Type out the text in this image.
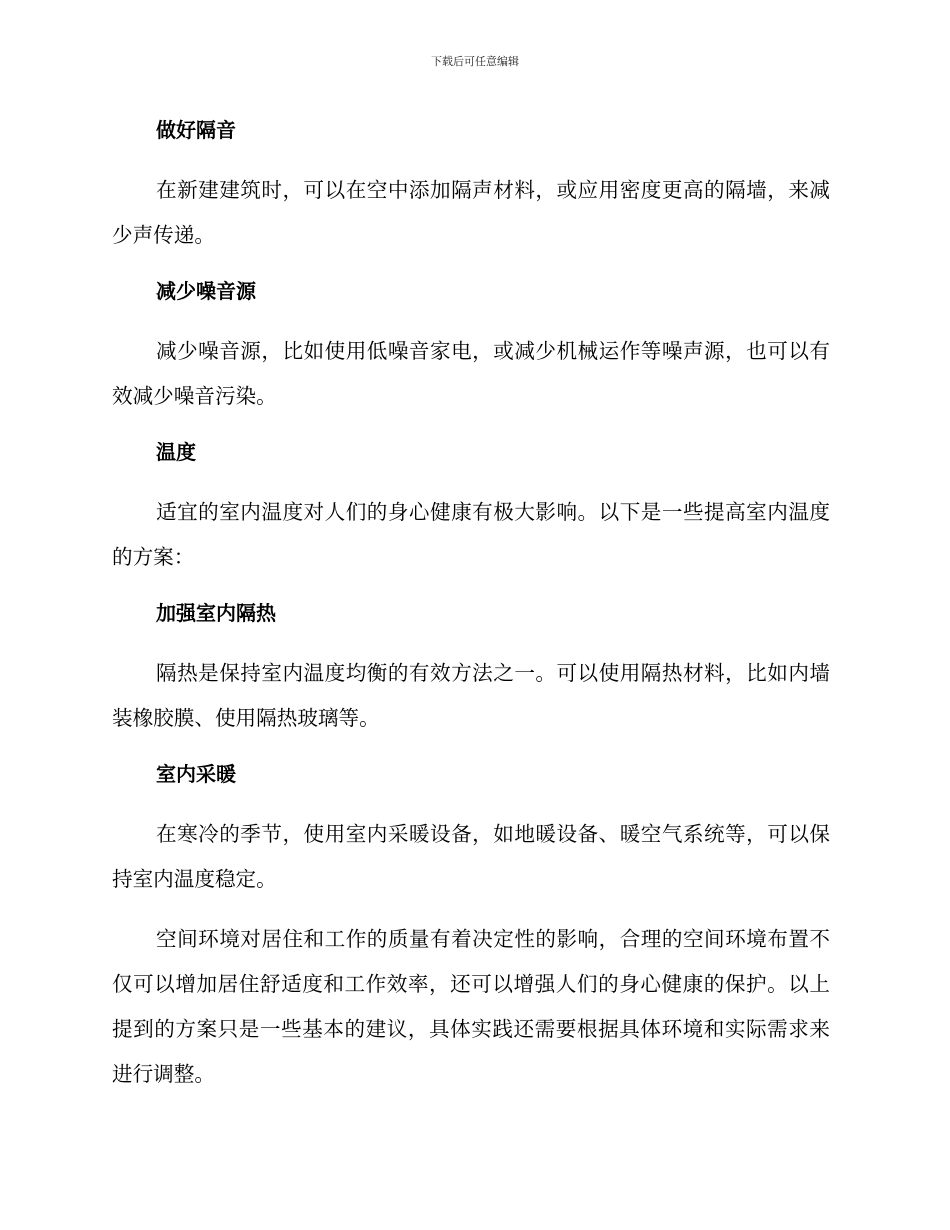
下载后可任意编辑
做好隔音

在新建建筑时，可以在空中添加隔声材料，或应用密度更高的隔墙，来减少声传递。

减少噪音源

减少噪音源，比如使用低噪音家电，或减少机械运作等噪声源，也可以有效减少噪音污染。

温度

适宜的室内温度对人们的身心健康有极大影响。以下是一些提高室内温度的方案：

加强室内隔热

隔热是保持室内温度均衡的有效方法之一。可以使用隔热材料，比如内墙装橡胶膜、使用隔热玻璃等。

室内采暖

在寒冷的季节，使用室内采暖设备，如地暖设备、暖空气系统等，可以保持室内温度稳定。

空间环境对居住和工作的质量有着决定性的影响，合理的空间环境布置不仅可以增加居住舒适度和工作效率，还可以增强人们的身心健康的保护。以上提到的方案只是一些基本的建议，具体实践还需要根据具体环境和实际需求来进行调整。
